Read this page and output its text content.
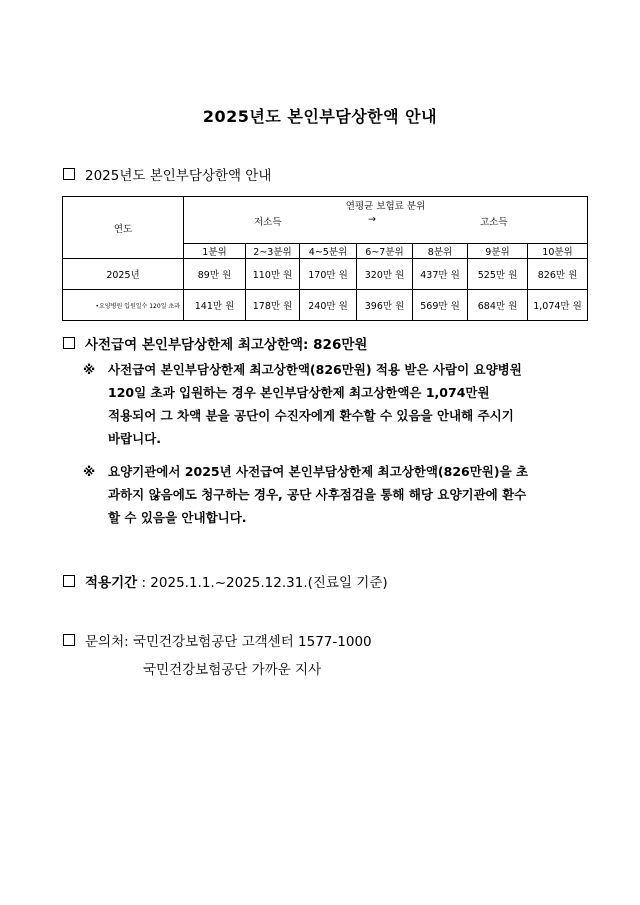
2025년도 본인부담상한액 안내
2025년도 본인부담상한액 안내
연도	연평균 보험료 분위
저소득 → 고소득						

	1분위	2~3분위	4~5분위	6~7분위	8분위	9분위	10분위
2025년	89만 원	110만 원	170만 원	320만 원	437만 원	525만 원	826만 원
•요양병원 입원일수 120일 초과	141만 원	178만 원	240만 원	396만 원	569만 원	684만 원	1,074만 원
사전급여 본인부담상한제 최고상한액: 826만원
※ 사전급여 본인부담상한제 최고상한액(826만원) 적용 받은 사람이 요양병원
120일 초과 입원하는 경우 본인부담상한제 최고상한액은 1,074만원
적용되어 그 차액 분을 공단이 수진자에게 환수할 수 있음을 안내해 주시기
바랍니다.
※ 요양기관에서 2025년 사전급여 본인부담상한제 최고상한액(826만원)을 초
과하지 않음에도 청구하는 경우, 공단 사후점검을 통해 해당 요양기관에 환수
할 수 있음을 안내합니다.
적용기간 : 2025.1.1.~2025.12.31.(진료일 기준)
문의처: 국민건강보험공단 고객센터 1577-1000
국민건강보험공단 가까운 지사
